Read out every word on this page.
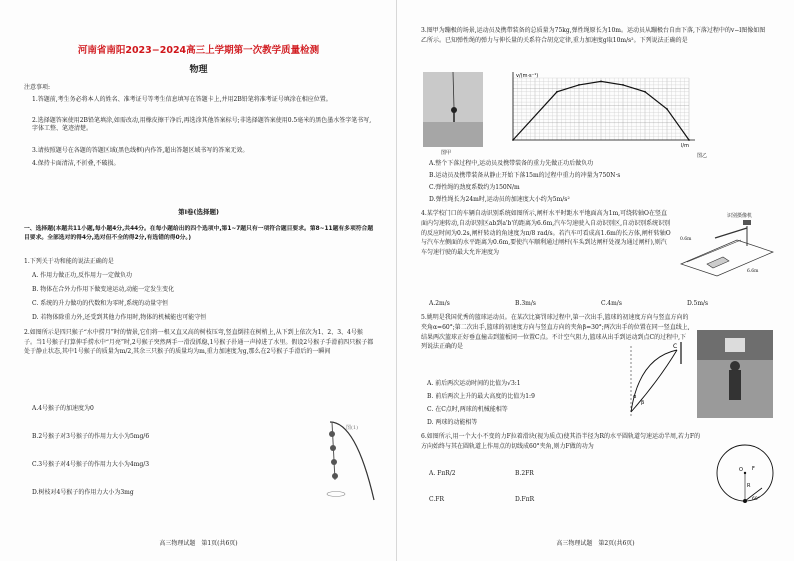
河南省南阳2023−2024高三上学期第一次教学质量检测
物理
注意事项:
1.答题前,考生务必将本人的姓名、准考证号等考生信息填写在答题卡上,并用2B铅笔将准考证号填涂在相应位置。
2.选择题答案使用2B铅笔填涂,如需改动,用橡皮擦干净后,再选涂其他答案标号;非选择题答案使用0.5毫米的黑色墨水签字笔书写,字体工整、笔迹清楚。
3.请按照题号在各题的答题区域(黑色线框)内作答,超出答题区域书写的答案无效。
4.保持卡面清洁,不折叠,不破损。
第Ⅰ卷(选择题)
一、选择题(本题共11小题,每小题4分,共44分。在每小题给出的四个选项中,第1~7题只有一项符合题目要求。第8~11题有多项符合题目要求。全部选对的得4分,选对但不全的得2分,有选错的得0分。)
1.下列关于功和能的说法正确的是
A. 作用力做正功,反作用力一定做负功
B. 物体在合外力作用下做变速运动,动能一定发生变化
C. 系统的升力做功的代数和为零时,系统的动量守恒
D. 若物体除重力外,还受到其他力作用时,物体的机械能也可能守恒
2.如图所示是四只猴子“水中捞月”时的情景,它们将一根又直又高的树枝压弯,竖直倒挂在树梢上,从下到上依次为1、2、3、4号猴子。当1号猴子打算伸手捞水中“月亮”时,2号猴子突然两手一滑没抓稳,1号猴子扑通一声掉进了水里。假设2号猴子手滑前四只猴子都处于静止状态,其中1号猴子的质量为m/2,其余三只猴子的质量均为m,重力加速度为g,那么在2号猴子手滑后的一瞬间
A.4号猴子的加速度为0
B.2号猴子对3号猴子的作用力大小为5mg/6
C.3号猴子对4号猴子的作用力大小为4mg/3
D.树枝对4号猴子的作用力大小为3mg
图(1)
高三物理试题　第1页(共6页)
3.图甲为蹦极的场景,运动员及携带装备的总质量为75kg,弹性绳原长为10m。运动员从蹦极台自由下落,下落过程中的v−l图像如图乙所示。已知弹性绳的弹力与伸长量的关系符合胡克定律,重力加速度g取10m/s²。下列说法正确的是
图甲
v/(m·s⁻¹)
l/m
图乙
A.整个下落过程中,运动员及携带装备的重力先做正功后做负功
B.运动员及携带装备从静止开始下落15m的过程中重力的冲量为750N·s
C.弹性绳的劲度系数约为150N/m
D.弹性绳长为24m时,运动员的加速度大小约为5m/s²
4.某学校门口的车辆自动识别系统如图所示,闸杆水平时距水平地面高为1m,可绕转轴O在竖直面内匀速转动,自动识别区ab到a'b'的距离为6.6m,汽车匀速驶入自动识别区,自动识别系统识别的反应时间为0.2s,闸杆转动的角速度为π/8 rad/s。若汽车可看成高1.6m的长方体,闸杆转轴O与汽车左侧面的水平距离为0.6m,要使汽车顺利通过闸杆(车头到达闸杆处视为通过闸杆),则汽车匀速行驶的最大允许速度为
识别摄像机
0.6m
6.6m
A.2m/s	B.3m/s	C.4m/s	D.5m/s
5.姚明是我国优秀的篮球运动员。在某次比赛罚球过程中,第一次出手,篮球的初速度方向与竖直方向的夹角α=60°;第二次出手,篮球的初速度方向与竖直方向的夹角β=30°;两次出手的位置在同一竖直线上,结果两次篮球正好垂直撞击到篮板同一位置C点。不计空气阻力,篮球从出手到运动到点C的过程中,下列说法正确的是	C
α
β
A. 前后两次运动时间的比值为√3:1
B. 前后两次上升的最大高度的比值为1:9
C. 在C点时,两球的机械能相等
D. 两球的动能相等
6.如图所示,用一个大小不变的力F拉着滑块(视为质点)使其沿半径为R的水平圆轨道匀速运动半周,若力F的方向始终与其在圆轨道上作用点的切线成60°夹角,则力F做的功为
F
R
O
60°
A. FπR/2	B.2FR
C.FR	D.FπR
高三物理试题　第2页(共6页)
